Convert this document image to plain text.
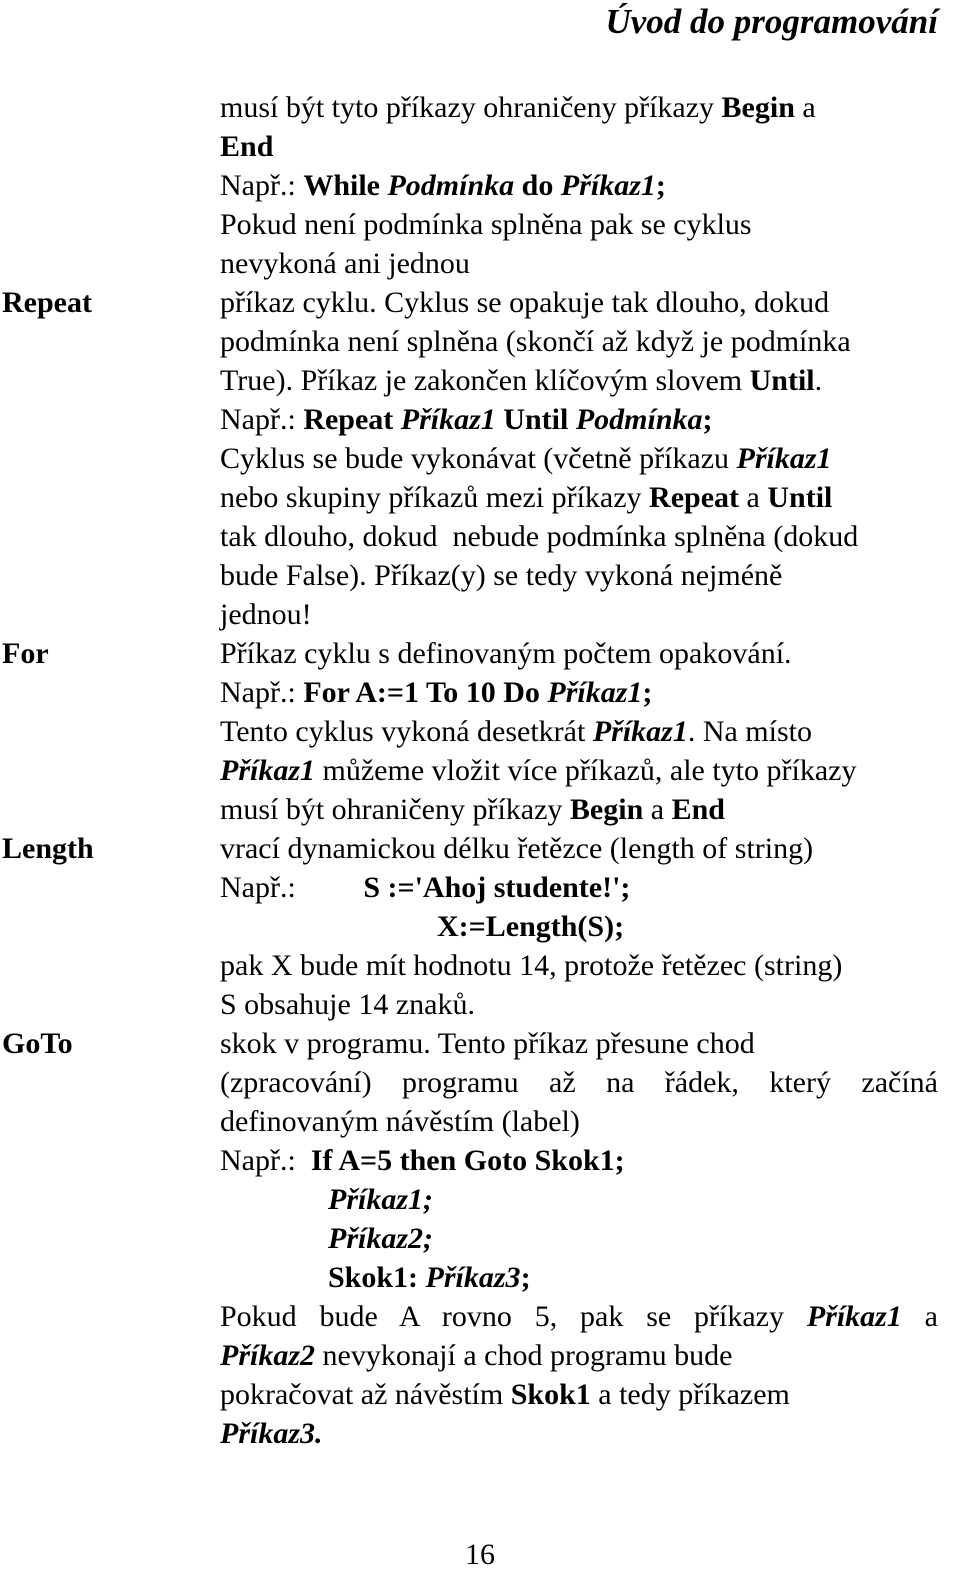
Úvod do programování
Repeat
For
Length
GoTo
musí být tyto příkazy ohraničeny příkazy Begin a
End
Např.: While Podmínka do Příkaz1;
Pokud není podmínka splněna pak se cyklus
nevykoná ani jednou
příkaz cyklu. Cyklus se opakuje tak dlouho, dokud
podmínka není splněna (skončí až když je podmínka
True). Příkaz je zakončen klíčovým slovem Until.
Např.: Repeat Příkaz1 Until Podmínka;
Cyklus se bude vykonávat (včetně příkazu Příkaz1
nebo skupiny příkazů mezi příkazy Repeat a Until
tak dlouho, dokud  nebude podmínka splněna (dokud
bude False). Příkaz(y) se tedy vykoná nejméně
jednou!
Příkaz cyklu s definovaným počtem opakování.
Např.: For A:=1 To 10 Do Příkaz1;
Tento cyklus vykoná desetkrát Příkaz1. Na místo
Příkaz1 můžeme vložit více příkazů, ale tyto příkazy
musí být ohraničeny příkazy Begin a End
vrací dynamickou délku řetězce (length of string)
Např.:         S :='Ahoj studente!';
X:=Length(S);
pak X bude mít hodnotu 14, protože řetězec (string)
S obsahuje 14 znaků.
skok v programu. Tento příkaz přesune chod
(zpracování) programu až na řádek, který začíná
definovaným návěstím (label)
Např.:  If A=5 then Goto Skok1;
Příkaz1;
Příkaz2;
Skok1: Příkaz3;
Pokud bude A rovno 5, pak se příkazy Příkaz1 a
Příkaz2 nevykonají a chod programu bude
pokračovat až návěstím Skok1 a tedy příkazem
Příkaz3.
16
